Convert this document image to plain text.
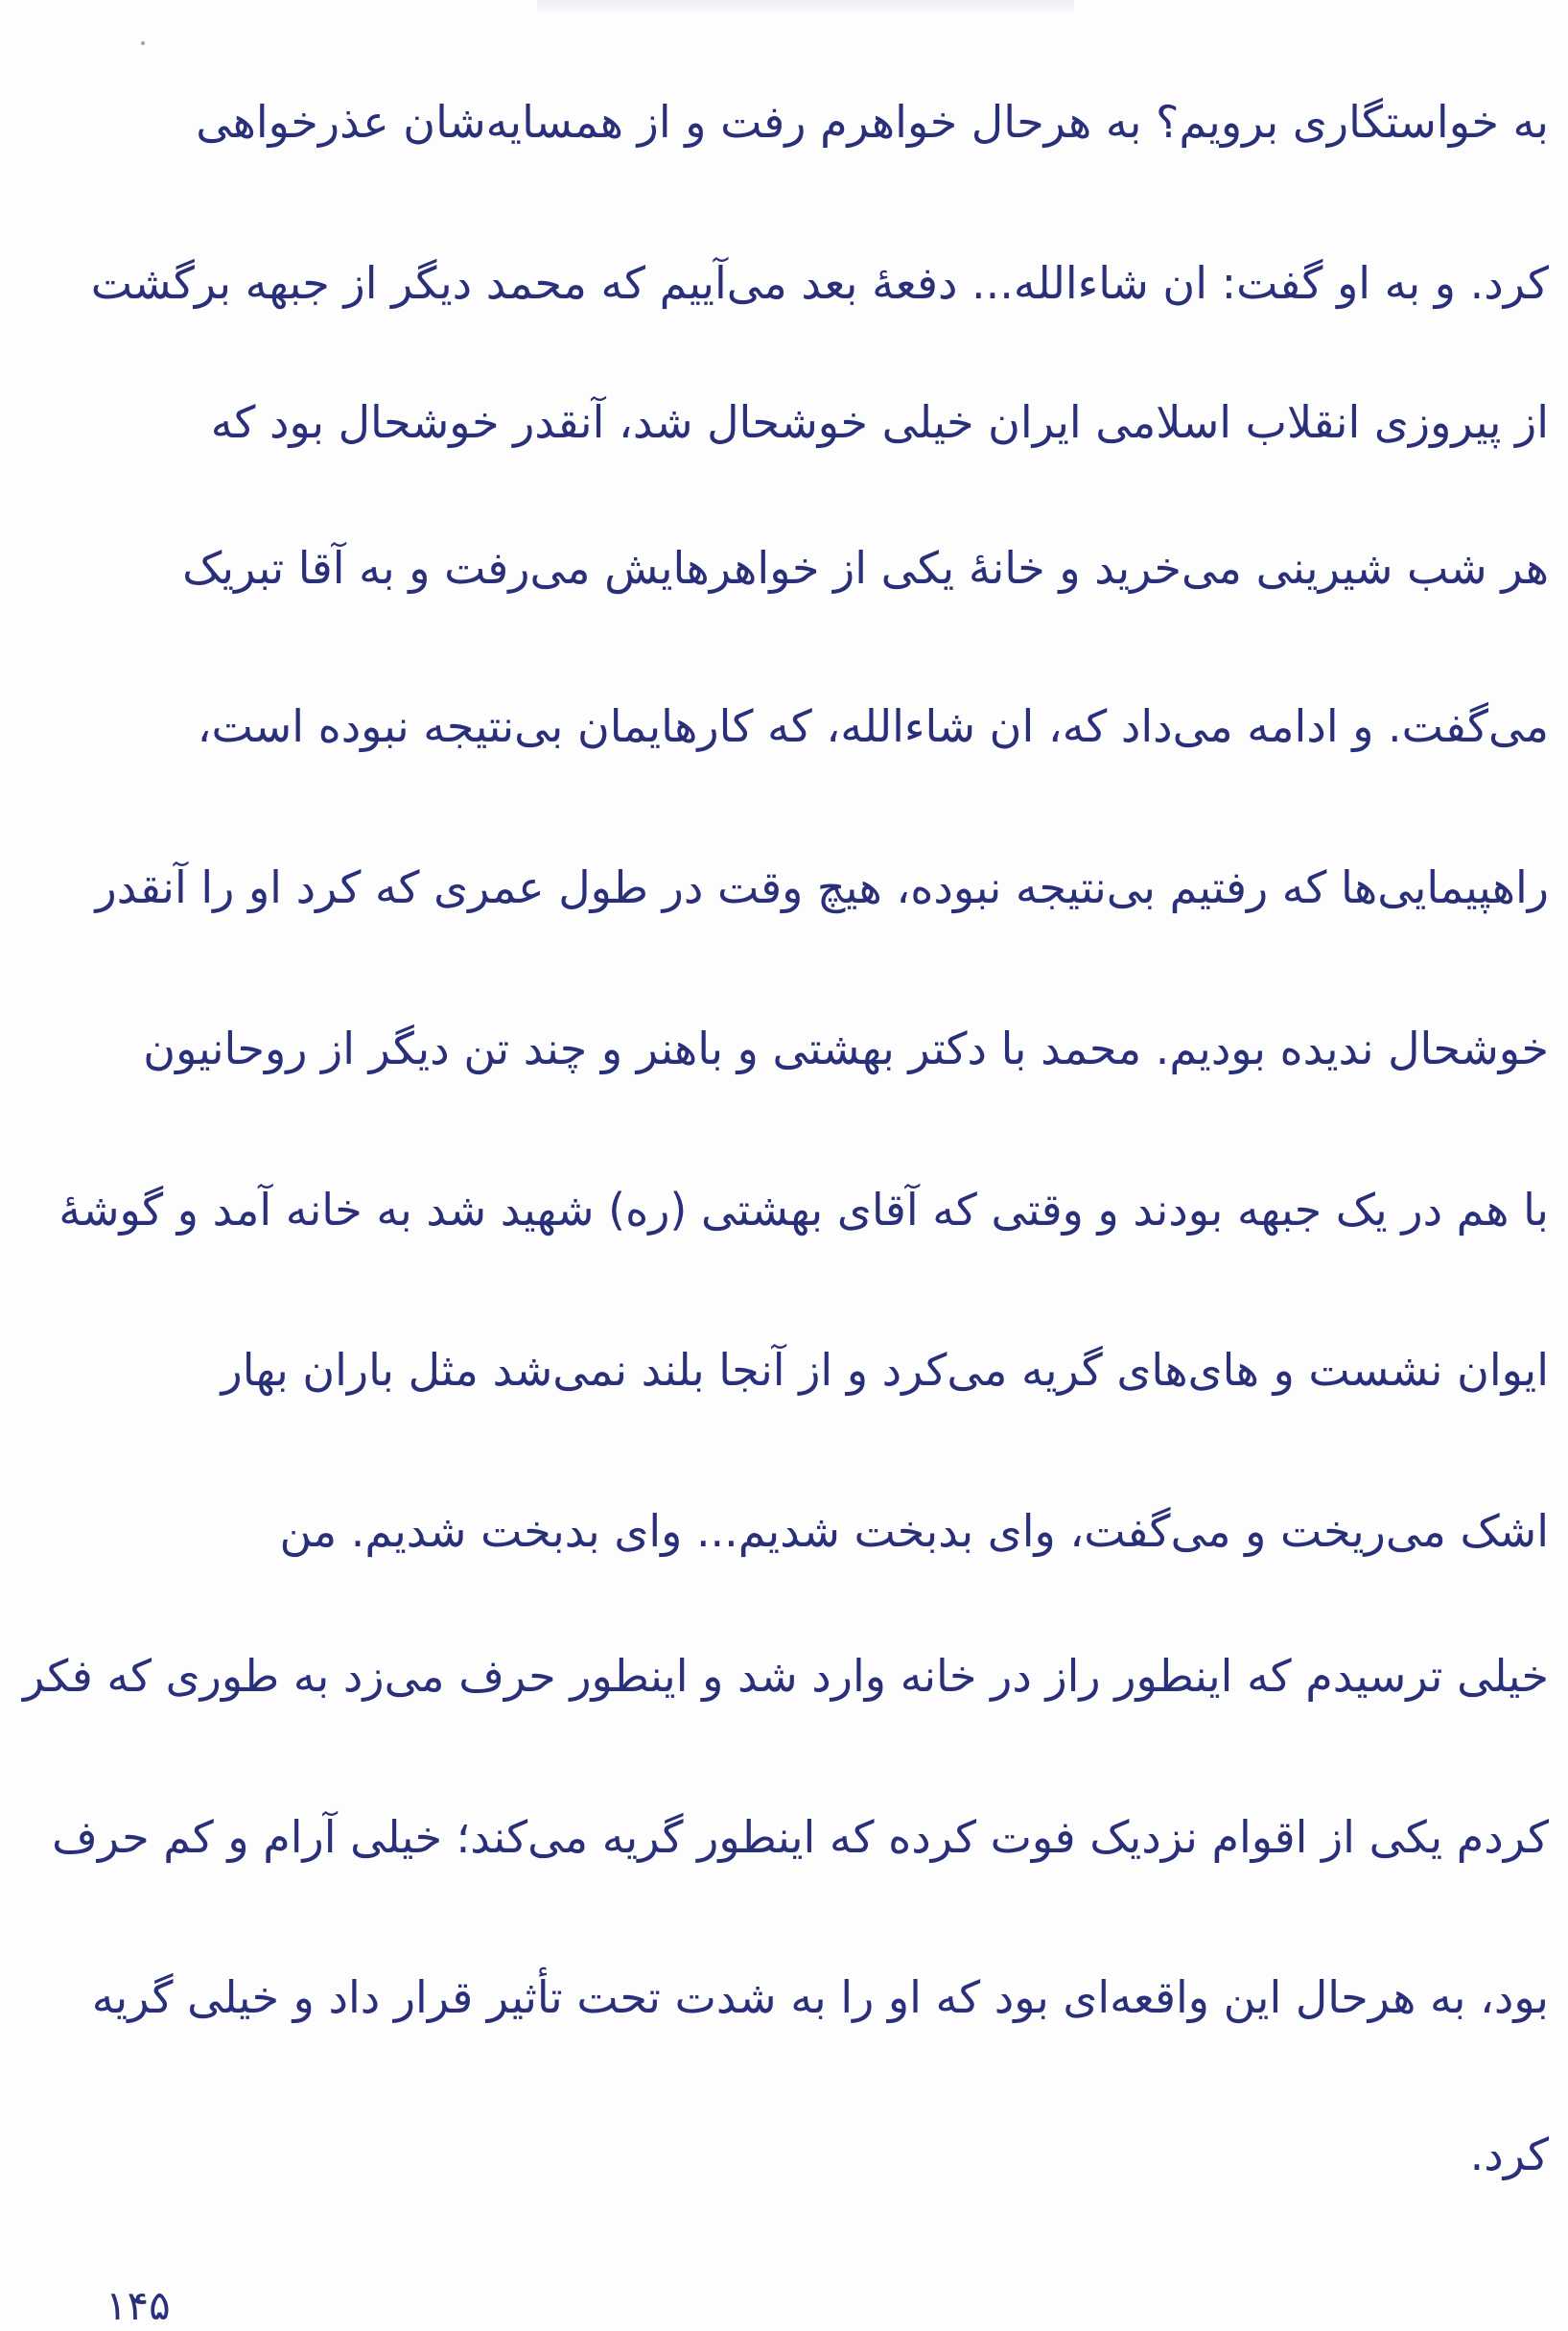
به خواستگاری برویم؟ به هرحال خواهرم رفت و از همسایه‌شان عذرخواهی
کرد. و به او گفت: ان شاءالله... دفعهٔ بعد می‌آییم که محمد دیگر از جبهه برگشت
از پیروزی انقلاب اسلامی ایران خیلی خوشحال شد، آنقدر خوشحال بود که
هر شب شیرینی می‌خرید و خانهٔ یکی از خواهرهایش می‌رفت و به آقا تبریک
می‌گفت. و ادامه می‌داد که، ان شاءالله، که کارهایمان بی‌نتیجه نبوده است،
راهپیمایی‌ها که رفتیم بی‌نتیجه نبوده، هیچ وقت در طول عمری که کرد او را آنقدر
خوشحال ندیده بودیم. محمد با دکتر بهشتی و باهنر و چند تن دیگر از روحانیون
با هم در یک جبهه بودند و وقتی که آقای بهشتی (ره) شهید شد به خانه آمد و گوشهٔ
ایوان نشست و های‌های گریه می‌کرد و از آنجا بلند نمی‌شد مثل باران بهار
اشک می‌ریخت و می‌گفت، وای بدبخت شدیم... وای بدبخت شدیم. من
خیلی ترسیدم که اینطور راز در خانه وارد شد و اینطور حرف می‌زد به طوری که فکر
کردم یکی از اقوام نزدیک فوت کرده که اینطور گریه می‌کند؛ خیلی آرام و کم حرف
بود، به هرحال این واقعه‌ای بود که او را به شدت تحت تأثیر قرار داد و خیلی گریه
کرد.
۱۴۵
